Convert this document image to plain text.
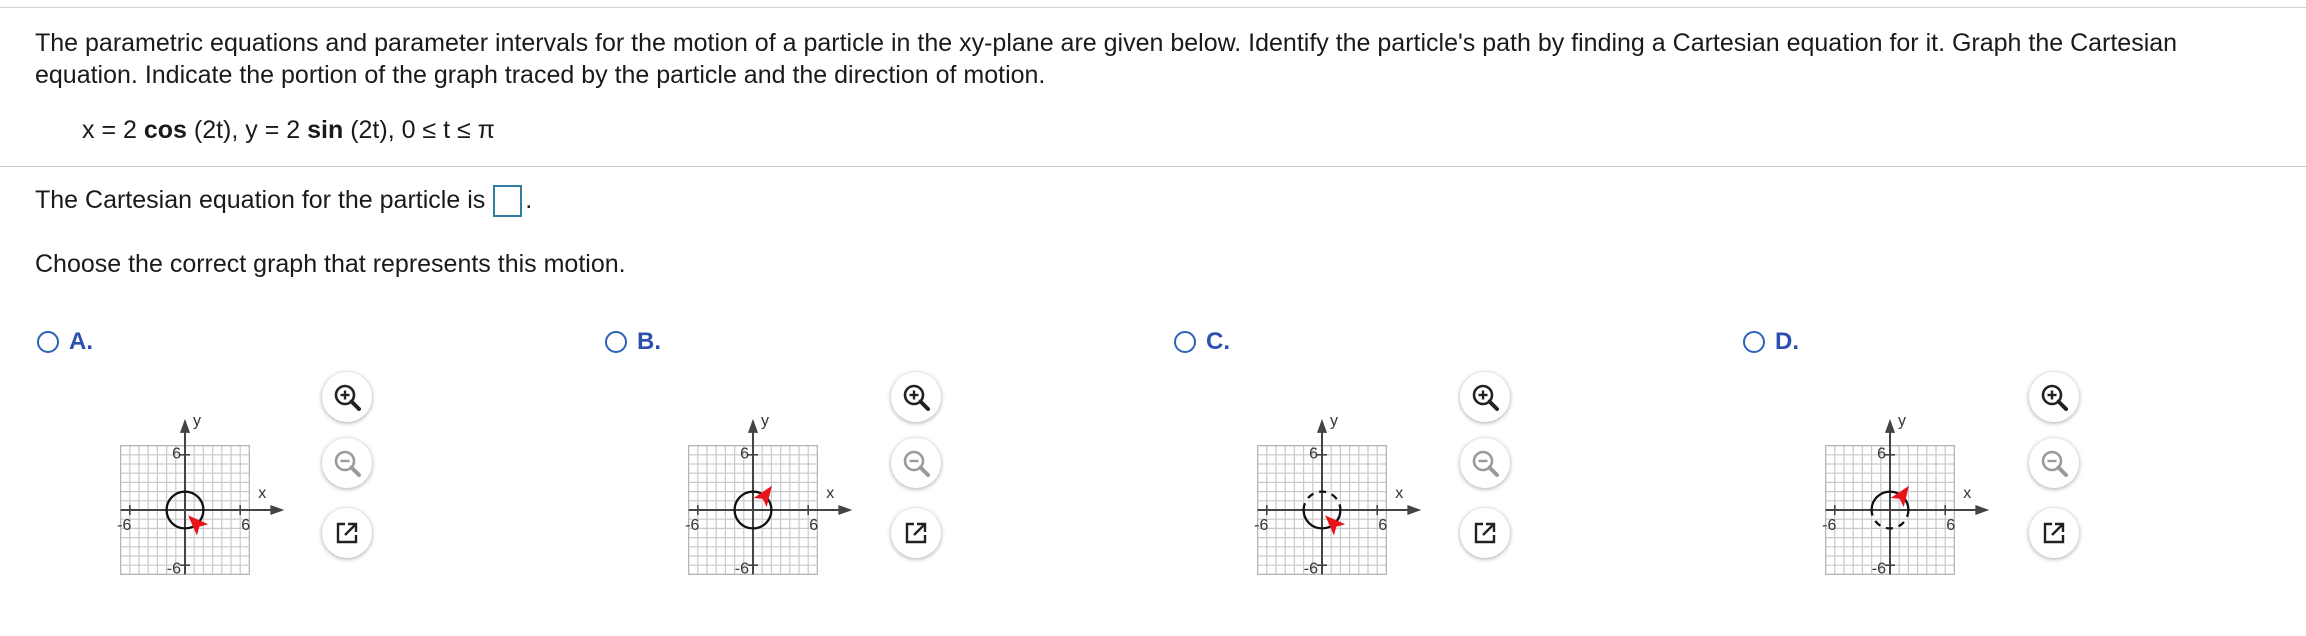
The parametric equations and parameter intervals for the motion of a particle in the xy-plane are given below. Identify the particle's path by finding a Cartesian equation for it. Graph the Cartesian equation. Indicate the portion of the graph traced by the particle and the direction of motion.

x = 2 cos (2t), y = 2 sin (2t), 0 ≤ t ≤ π
The Cartesian equation for the particle is .
Choose the correct graph that represents this motion.
A.	B.	C.	D.
y
x
-6	6
6
-6
y
x
-6	6
6
-6
y
x
-6	6
6
-6
y
x
-6	6
6
-6
